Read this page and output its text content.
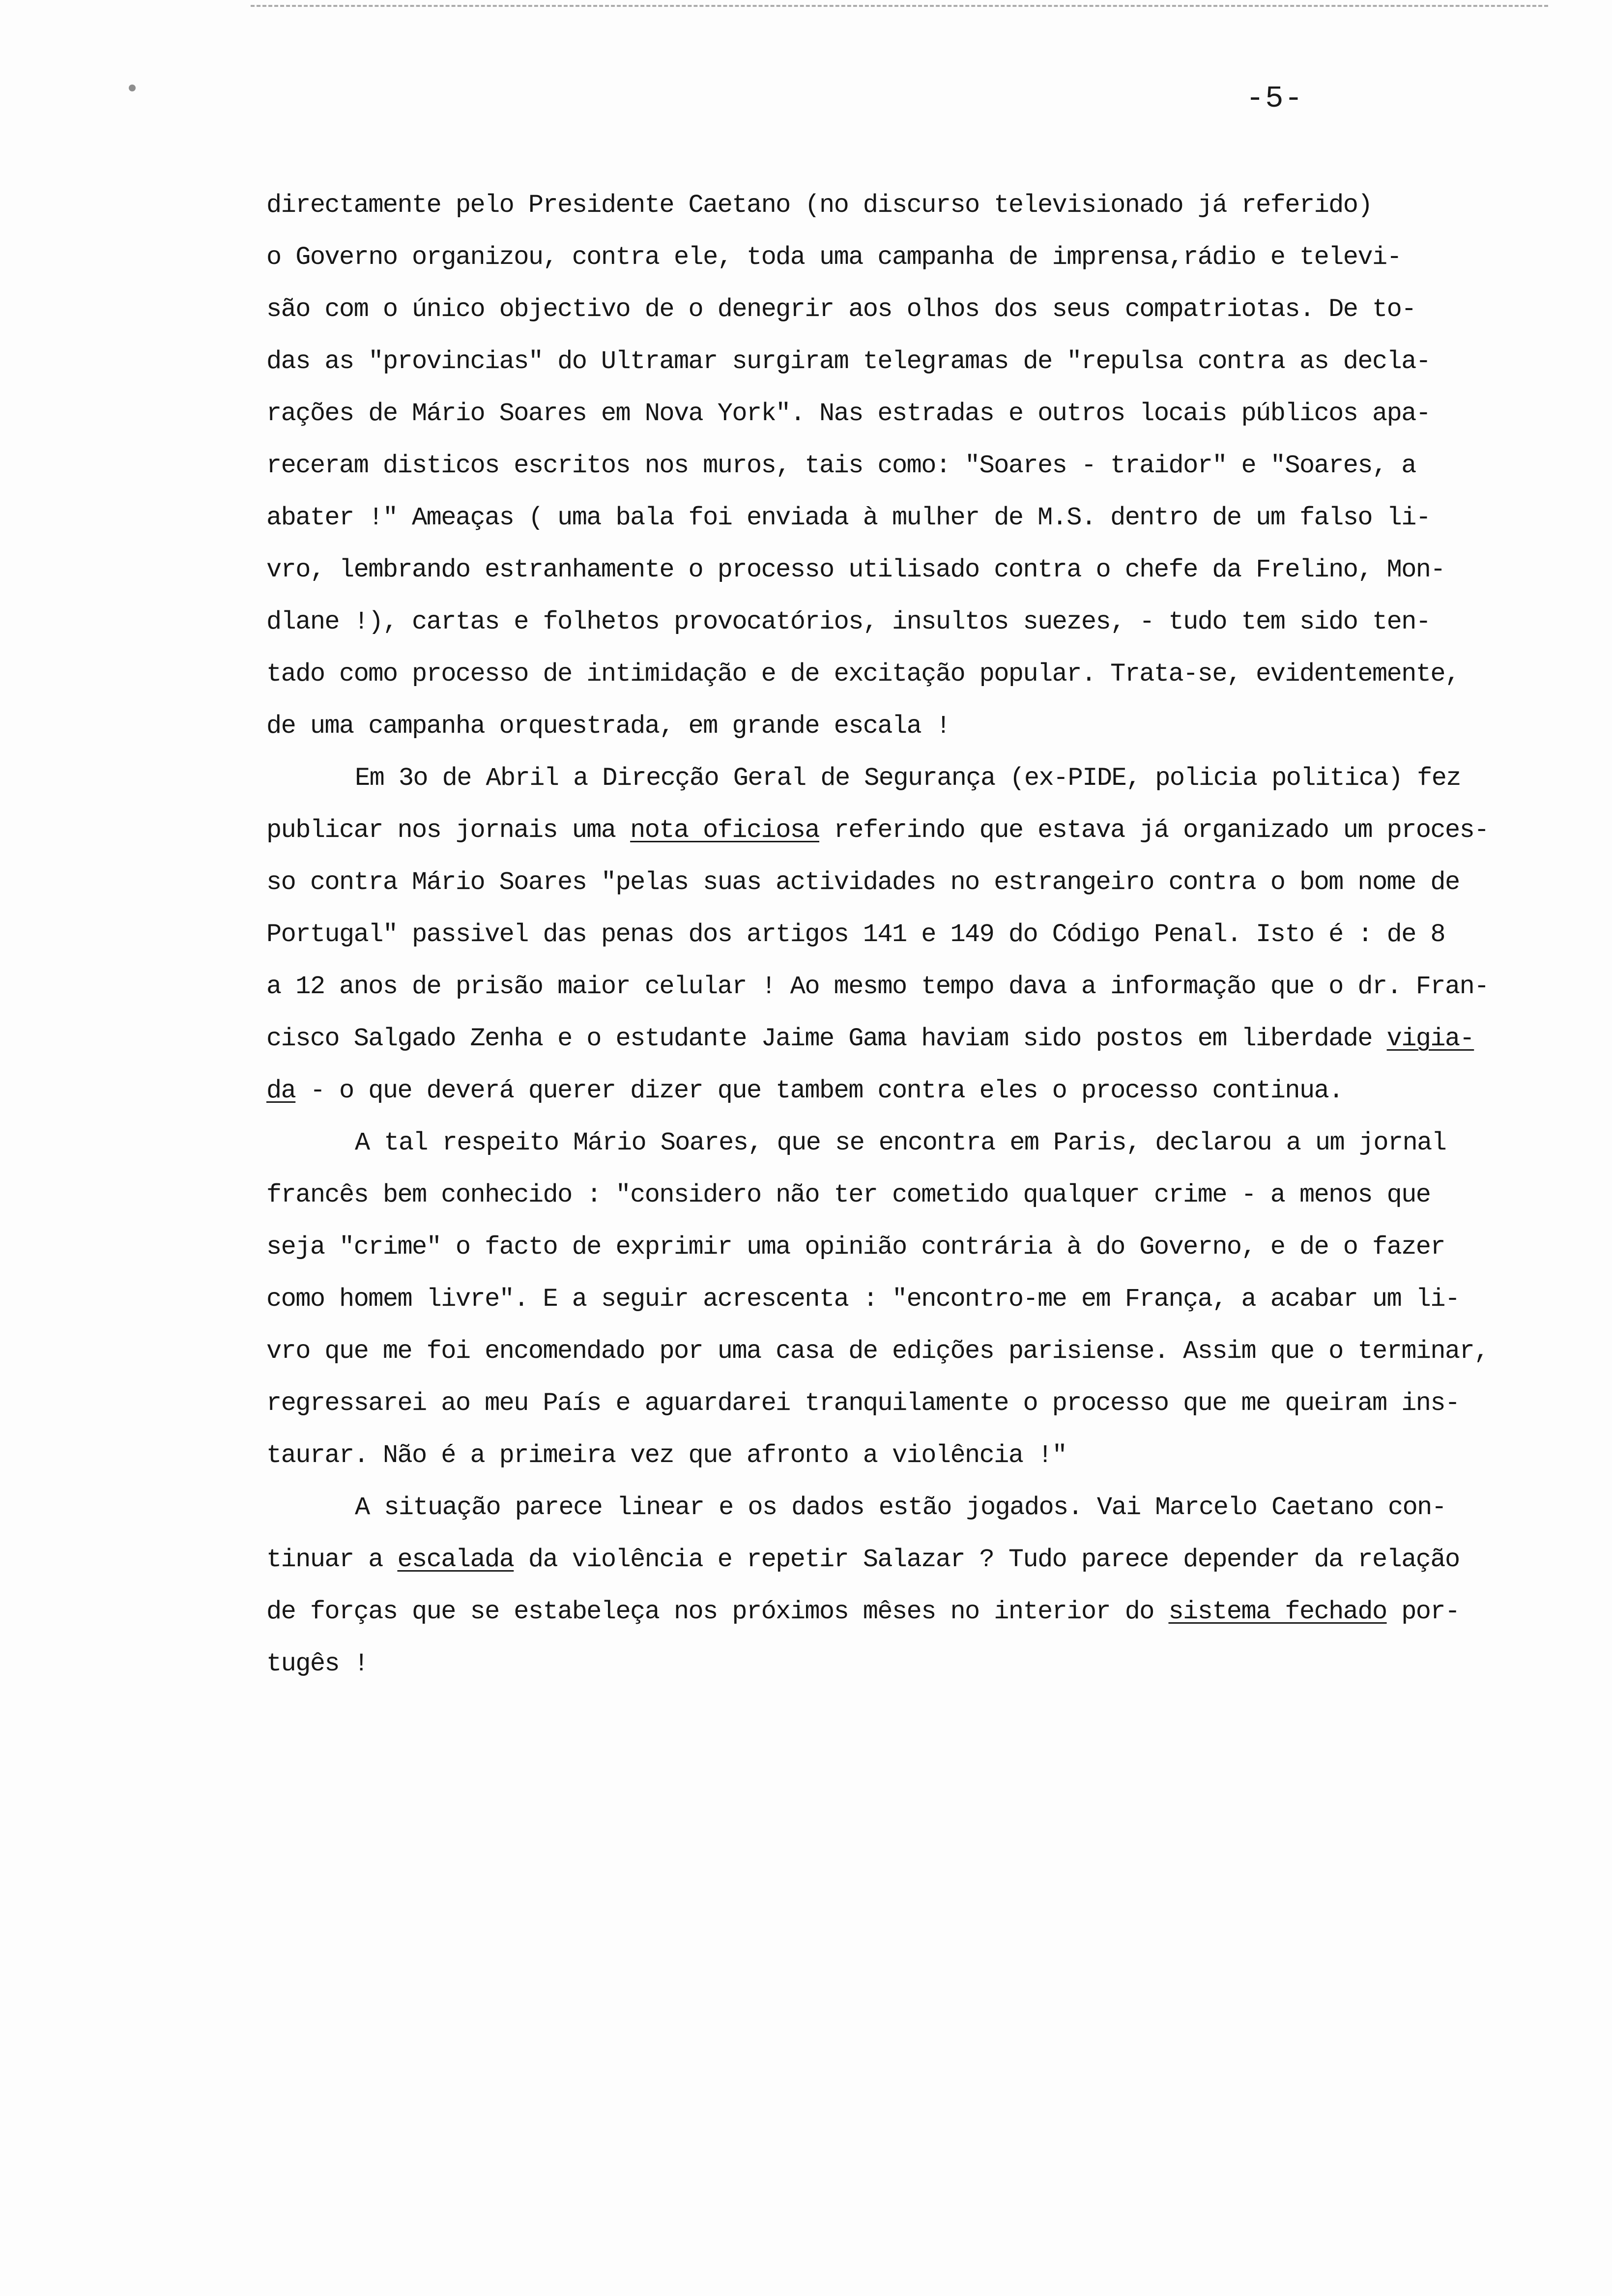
-5-
directamente pelo Presidente Caetano (no discurso televisionado já referido)
o Governo organizou, contra ele, toda uma campanha de imprensa,rádio e televi-
são com o único objectivo de o denegrir aos olhos dos seus compatriotas. De to-
das as "provincias" do Ultramar surgiram telegramas de "repulsa contra as decla-
rações de Mário Soares em Nova York". Nas estradas e outros locais públicos apa-
receram disticos escritos nos muros, tais como: "Soares - traidor" e "Soares, a
abater !" Ameaças ( uma bala foi enviada à mulher de M.S. dentro de um falso li-
vro, lembrando estranhamente o processo utilisado contra o chefe da Frelino, Mon-
dlane !), cartas e folhetos provocatórios, insultos suezes, - tudo tem sido ten-
tado como processo de intimidação e de excitação popular. Trata-se, evidentemente,
de uma campanha orquestrada, em grande escala !
Em 3o de Abril a Direcção Geral de Segurança (ex-PIDE, policia politica) fez
publicar nos jornais uma nota oficiosa referindo que estava já organizado um proces-
so contra Mário Soares "pelas suas actividades no estrangeiro contra o bom nome de
Portugal" passivel das penas dos artigos 141 e 149 do Código Penal. Isto é : de 8
a 12 anos de prisão maior celular ! Ao mesmo tempo dava a informação que o dr. Fran-
cisco Salgado Zenha e o estudante Jaime Gama haviam sido postos em liberdade vigia-
da - o que deverá querer dizer que tambem contra eles o processo continua.
A tal respeito Mário Soares, que se encontra em Paris, declarou a um jornal
francês bem conhecido : "considero não ter cometido qualquer crime - a menos que
seja "crime" o facto de exprimir uma opinião contrária à do Governo, e de o fazer
como homem livre". E a seguir acrescenta : "encontro-me em França, a acabar um li-
vro que me foi encomendado por uma casa de edições parisiense. Assim que o terminar,
regressarei ao meu País e aguardarei tranquilamente o processo que me queiram ins-
taurar. Não é a primeira vez que afronto a violência !"
A situação parece linear e os dados estão jogados. Vai Marcelo Caetano con-
tinuar a escalada da violência e repetir Salazar ? Tudo parece depender da relação
de forças que se estabeleça nos próximos mêses no interior do sistema fechado por-
tugês !
